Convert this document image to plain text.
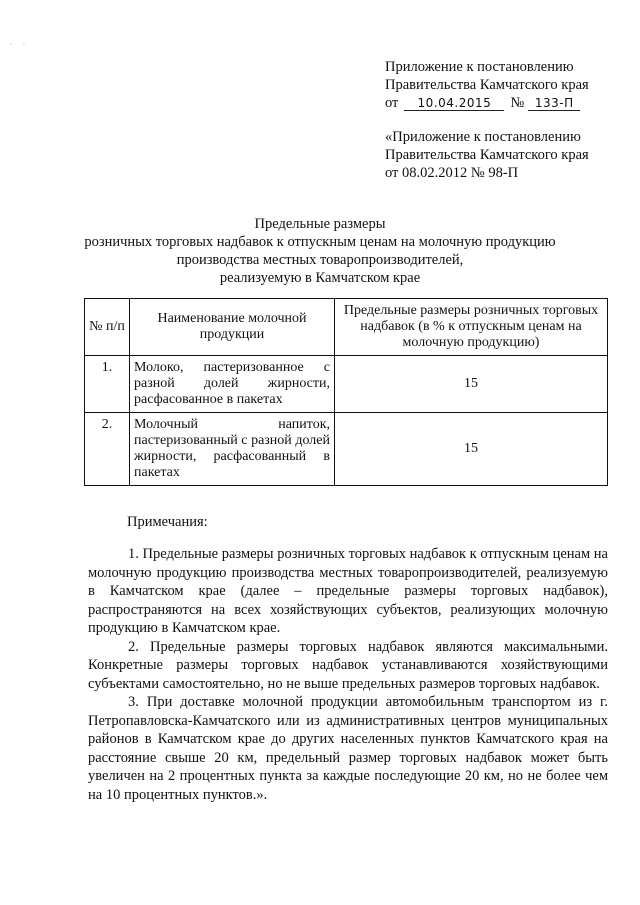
· ·
Приложение к постановлению
Правительства Камчатского края
от 10.04.2015 № 133-П
«Приложение к постановлению
Правительства Камчатского края
от 08.02.2012 № 98-П
Предельные размеры
розничных торговых надбавок к отпускным ценам на молочную продукцию
производства местных товаропроизводителей,
реализуемую в Камчатском крае
№ п/п	Наименование молочной продукции	Предельные размеры розничных торговых надбавок (в % к отпускным ценам на молочную продукцию)
1.	Молоко, пастеризованное с разной долей жирности, расфасованное в пакетах	15
2.	Молочный напиток, пастеризованный с разной долей жирности, расфасованный в пакетах	15
Примечания:

1. Предельные размеры розничных торговых надбавок к отпускным ценам на молочную продукцию производства местных товаропроизводителей, реализуемую в Камчатском крае (далее – предельные размеры торговых надбавок), распространяются на всех хозяйствующих субъектов, реализующих молочную продукцию в Камчатском крае.

2. Предельные размеры торговых надбавок являются максимальными. Конкретные размеры торговых надбавок устанавливаются хозяйствующими субъектами самостоятельно, но не выше предельных размеров торговых надбавок.

3. При доставке молочной продукции автомобильным транспортом из г. Петропавловска-Камчатского или из административных центров муниципальных районов в Камчатском крае до других населенных пунктов Камчатского края на расстояние свыше 20 км, предельный размер торговых надбавок может быть увеличен на 2 процентных пункта за каждые последующие 20 км, но не более чем на 10 процентных пунктов.».
